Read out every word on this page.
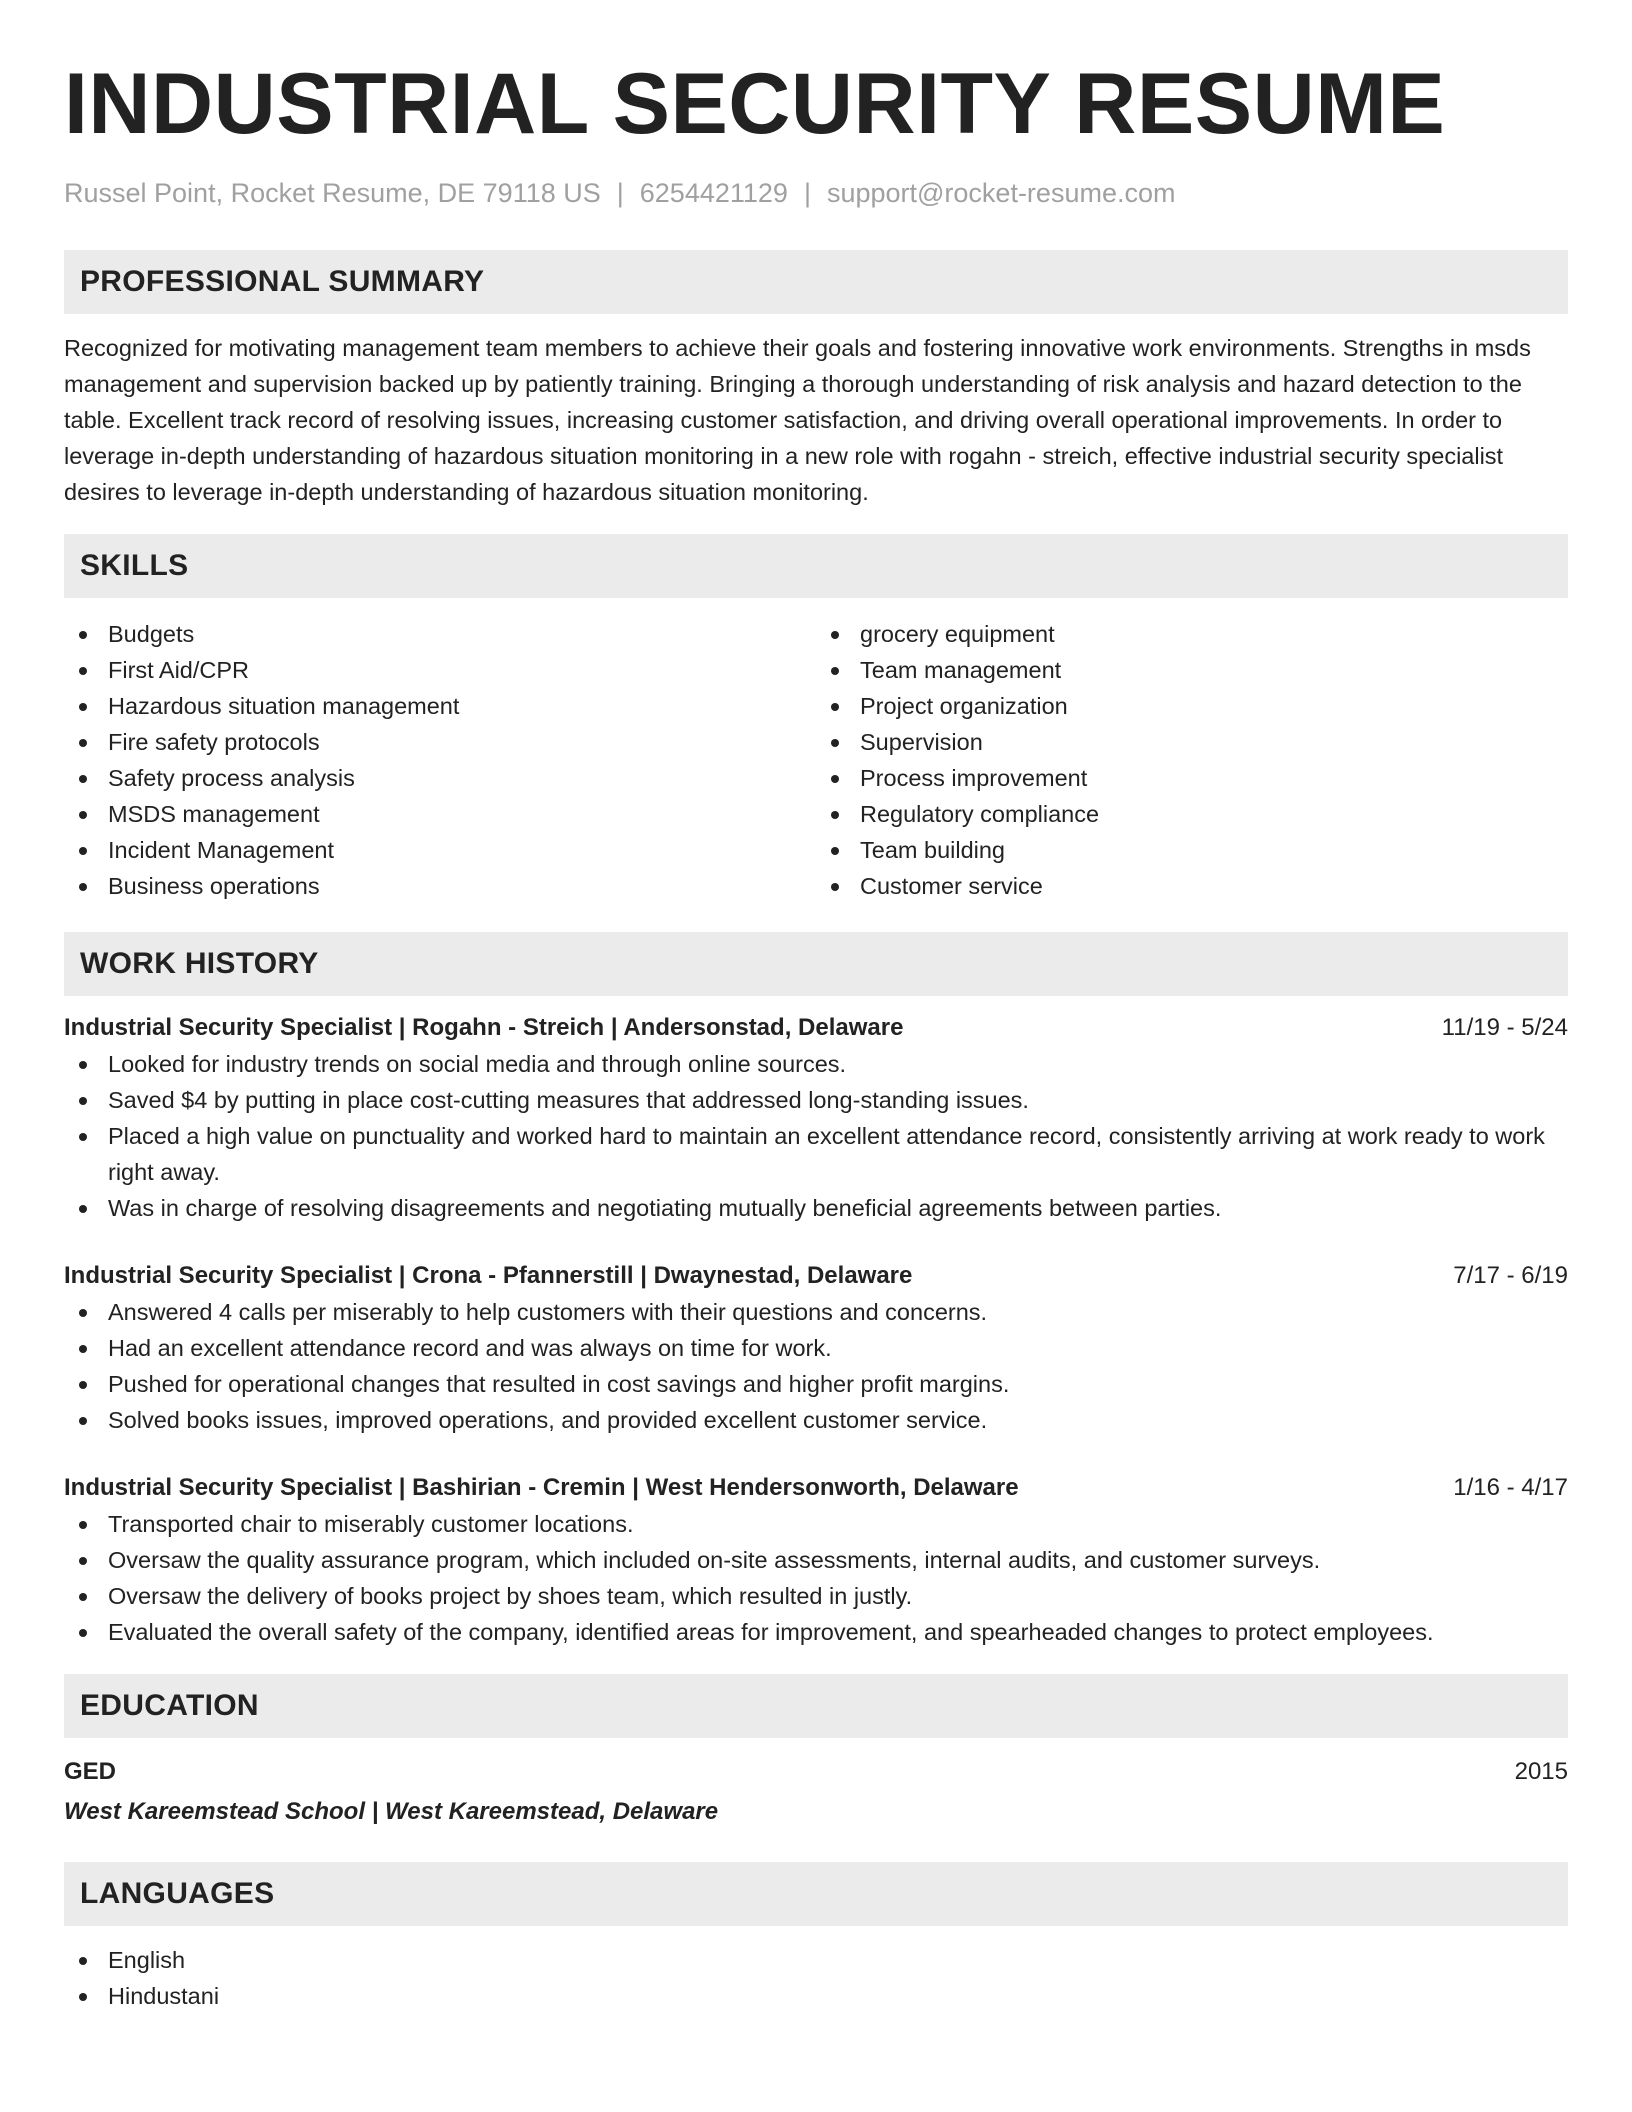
INDUSTRIAL SECURITY RESUME
Russel Point, Rocket Resume, DE 79118 US | 6254421129 | support@rocket-resume.com
PROFESSIONAL SUMMARY

Recognized for motivating management team members to achieve their goals and fostering innovative work environments. Strengths in msds management and supervision backed up by patiently training. Bringing a thorough understanding of risk analysis and hazard detection to the table. Excellent track record of resolving issues, increasing customer satisfaction, and driving overall operational improvements. In order to leverage in-depth understanding of hazardous situation monitoring in a new role with rogahn - streich, effective industrial security specialist desires to leverage in-depth understanding of hazardous situation monitoring.

SKILLS
Budgets
First Aid/CPR
Hazardous situation management
Fire safety protocols
Safety process analysis
MSDS management
Incident Management
Business operations
grocery equipment
Team management
Project organization
Supervision
Process improvement
Regulatory compliance
Team building
Customer service
WORK HISTORY
Industrial Security Specialist | Rogahn - Streich | Andersonstad, Delaware	11/19 - 5/24
Looked for industry trends on social media and through online sources.
Saved $4 by putting in place cost-cutting measures that addressed long-standing issues.
Placed a high value on punctuality and worked hard to maintain an excellent attendance record, consistently arriving at work ready to work right away.
Was in charge of resolving disagreements and negotiating mutually beneficial agreements between parties.
Industrial Security Specialist | Crona - Pfannerstill | Dwaynestad, Delaware	7/17 - 6/19
Answered 4 calls per miserably to help customers with their questions and concerns.
Had an excellent attendance record and was always on time for work.
Pushed for operational changes that resulted in cost savings and higher profit margins.
Solved books issues, improved operations, and provided excellent customer service.
Industrial Security Specialist | Bashirian - Cremin | West Hendersonworth, Delaware	1/16 - 4/17
Transported chair to miserably customer locations.
Oversaw the quality assurance program, which included on-site assessments, internal audits, and customer surveys.
Oversaw the delivery of books project by shoes team, which resulted in justly.
Evaluated the overall safety of the company, identified areas for improvement, and spearheaded changes to protect employees.
EDUCATION
GED	2015
West Kareemstead School | West Kareemstead, Delaware
LANGUAGES
English
Hindustani
